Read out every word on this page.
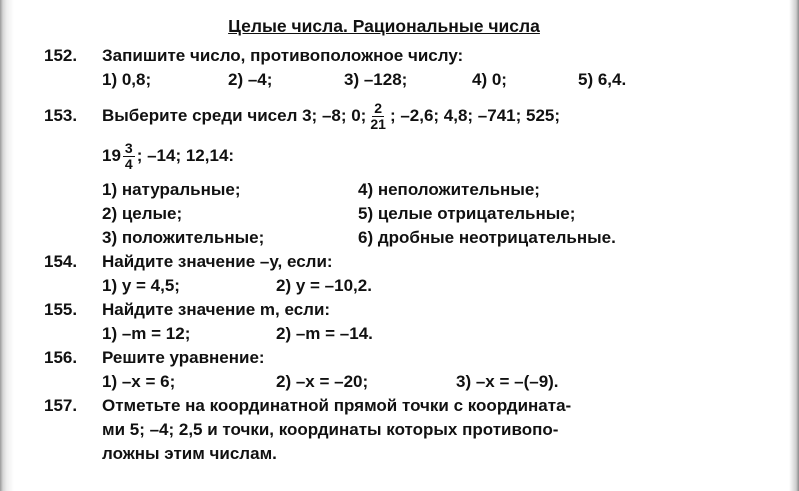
Целые числа. Рациональные числа
152.	Запишите число, противоположное числу:
1) 0,8;	2) –4;	3) –128;	4) 0;	5) 6,4.
153.	Выберите среди чисел 3; –8; 0; $\frac{2}{21}$ ; –2,6; 4,8; –741; 525;
$19 \frac{3}{4}$ ; –14; 12,14:
1) натуральные;	4) неположительные;
2) целые;	5) целые отрицательные;
3) положительные;	6) дробные неотрицательные.
154.	Найдите значение –y, если:
1) y = 4,5;	2) y = –10,2.
155.	Найдите значение m, если:
1) –m = 12;	2) –m = –14.
156.	Решите уравнение:
1) –x = 6;	2) –x = –20;	3) –x = –(–9).
157.	Отметьте на координатной прямой точки с координата-
ми 5; –4; 2,5 и точки, координаты которых противопо-
ложны этим числам.
